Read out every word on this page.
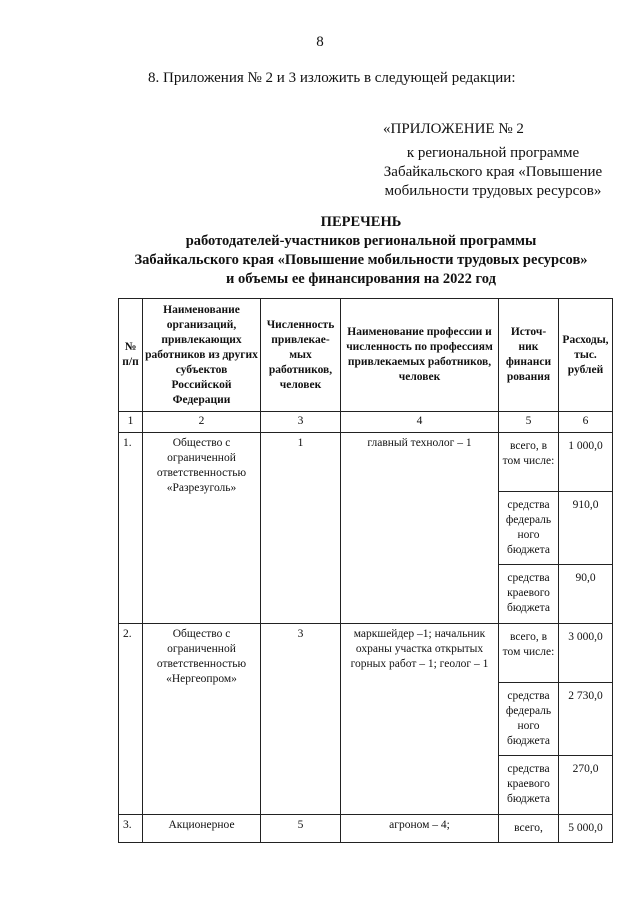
8
8. Приложения № 2 и 3 изложить в следующей редакции:
«ПРИЛОЖЕНИЕ № 2
к региональной программе
Забайкальского края «Повышение
мобильности трудовых ресурсов»
ПЕРЕЧЕНЬ
работодателей-участников региональной программы
Забайкальского края «Повышение мобильности трудовых ресурсов»
и объемы ее финансирования на 2022 год
№ п/п	Наименование организаций, привлекающих работников из других субъектов Российской Федерации	Численность привлекае-мых работников, человек	Наименование профессии и численность по профессиям привлекаемых работников, человек	Источ-ник финанси рования	Расходы, тыс. рублей
1	2	3	4	5	6
1.	Общество с ограниченной ответственностью «Разрезуголь»	1	главный технолог – 1	всего, в том числе:	1 000,0
				средства федераль ного бюджета	910,0
				средства краевого бюджета	90,0
2.	Общество с ограниченной ответственностью «Нергеопром»	3	маркшейдер –1; начальник охраны участка открытых горных работ – 1; геолог – 1	всего, в том числе:	3 000,0
				средства федераль ного бюджета	2 730,0
				средства краевого бюджета	270,0
3.	Акционерное	5	агроном – 4;	всего,	5 000,0
